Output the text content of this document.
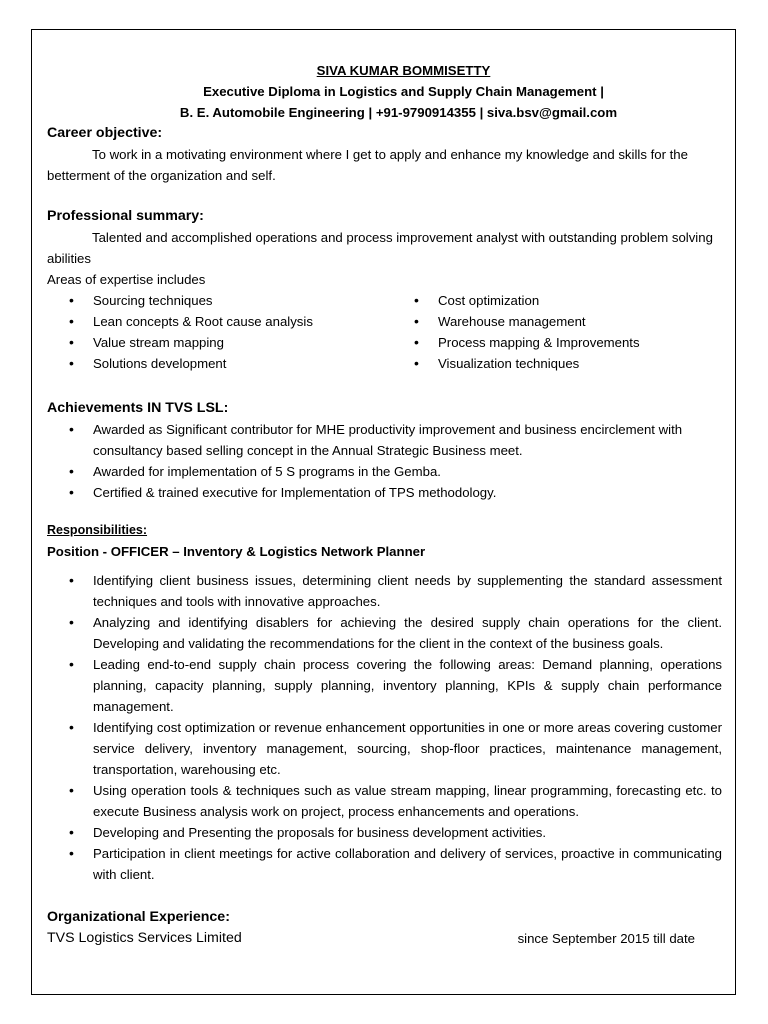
SIVA KUMAR BOMMISETTY
Executive Diploma in Logistics and Supply Chain Management |
B. E. Automobile Engineering | +91-9790914355 | siva.bsv@gmail.com
Career objective:

To work in a motivating environment where I get to apply and enhance my knowledge and skills for the betterment of the organization and self.

Professional summary:

Talented and accomplished operations and process improvement analyst with outstanding problem solving abilities

Areas of expertise includes

• Sourcing techniques
• Lean concepts & Root cause analysis
• Value stream mapping
• Solutions development
• Cost optimization
• Warehouse management
• Process mapping & Improvements
• Visualization techniques
Achievements IN TVS LSL:
• Awarded as Significant contributor for MHE productivity improvement and business encirclement with consultancy based selling concept in the Annual Strategic Business meet.
• Awarded for implementation of 5 S programs in the Gemba.
• Certified & trained executive for Implementation of TPS methodology.
Responsibilities:
Position - OFFICER – Inventory & Logistics Network Planner
• Identifying client business issues, determining client needs by supplementing the standard assessment techniques and tools with innovative approaches.
• Analyzing and identifying disablers for achieving the desired supply chain operations for the client. Developing and validating the recommendations for the client in the context of the business goals.
• Leading end-to-end supply chain process covering the following areas: Demand planning, operations planning, capacity planning, supply planning, inventory planning, KPIs & supply chain performance management.
• Identifying cost optimization or revenue enhancement opportunities in one or more areas covering customer service delivery, inventory management, sourcing, shop-floor practices, maintenance management, transportation, warehousing etc.
• Using operation tools & techniques such as value stream mapping, linear programming, forecasting etc. to execute Business analysis work on project, process enhancements and operations.
• Developing and Presenting the proposals for business development activities.
• Participation in client meetings for active collaboration and delivery of services, proactive in communicating with client.
Organizational Experience:
TVS Logistics Services Limited	since September 2015 till date
